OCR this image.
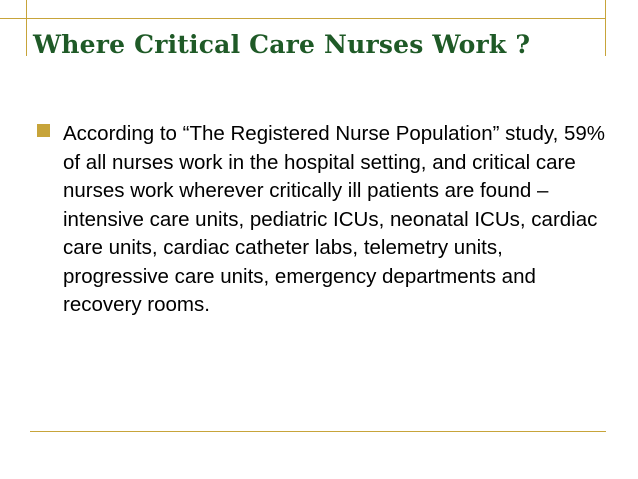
Where Critical Care Nurses Work ?
According to “The Registered Nurse Population” study, 59% of all nurses work in the hospital setting, and critical care nurses work wherever critically ill patients are found – intensive care units, pediatric ICUs, neonatal ICUs, cardiac care units, cardiac catheter labs, telemetry units, progressive care units, emergency departments and recovery rooms.
